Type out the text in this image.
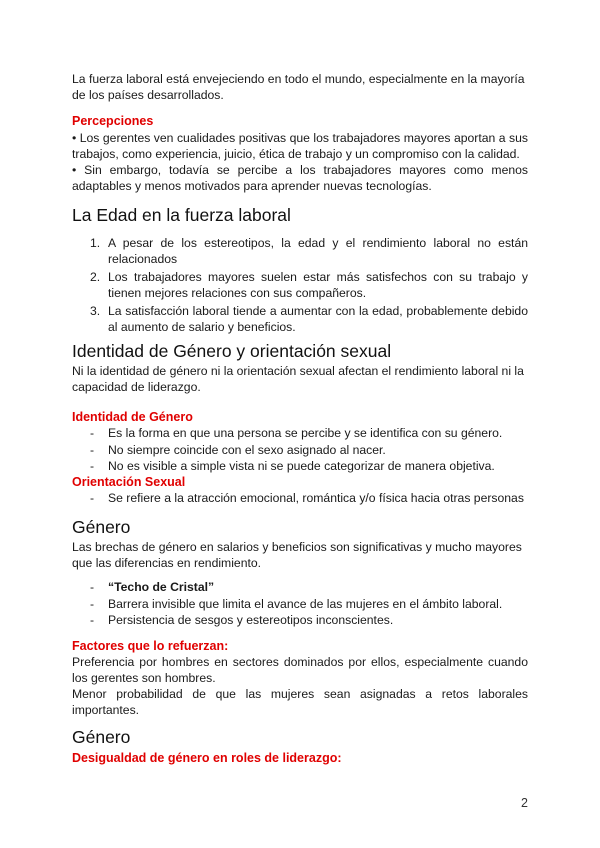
La fuerza laboral está envejeciendo en todo el mundo, especialmente en la mayoría de los países desarrollados.

Percepciones

• Los gerentes ven cualidades positivas que los trabajadores mayores aportan a sus trabajos, como experiencia, juicio, ética de trabajo y un compromiso con la calidad.

• Sin embargo, todavía se percibe a los trabajadores mayores como menos adaptables y menos motivados para aprender nuevas tecnologías.

La Edad en la fuerza laboral
1. A pesar de los estereotipos, la edad y el rendimiento laboral no están relacionados
2. Los trabajadores mayores suelen estar más satisfechos con su trabajo y tienen mejores relaciones con sus compañeros.
3. La satisfacción laboral tiende a aumentar con la edad, probablemente debido al aumento de salario y beneficios.
Identidad de Género y orientación sexual

Ni la identidad de género ni la orientación sexual afectan el rendimiento laboral ni la capacidad de liderazgo.

Identidad de Género

- Es la forma en que una persona se percibe y se identifica con su género.
- No siempre coincide con el sexo asignado al nacer.
- No es visible a simple vista ni se puede categorizar de manera objetiva.

Orientación Sexual

- Se refiere a la atracción emocional, romántica y/o física hacia otras personas
Género

Las brechas de género en salarios y beneficios son significativas y mucho mayores que las diferencias en rendimiento.

- “Techo de Cristal”
- Barrera invisible que limita el avance de las mujeres en el ámbito laboral.
- Persistencia de sesgos y estereotipos inconscientes.

Factores que lo refuerzan:

Preferencia por hombres en sectores dominados por ellos, especialmente cuando los gerentes son hombres.

Menor probabilidad de que las mujeres sean asignadas a retos laborales importantes.

Género

Desigualdad de género en roles de liderazgo:

2
